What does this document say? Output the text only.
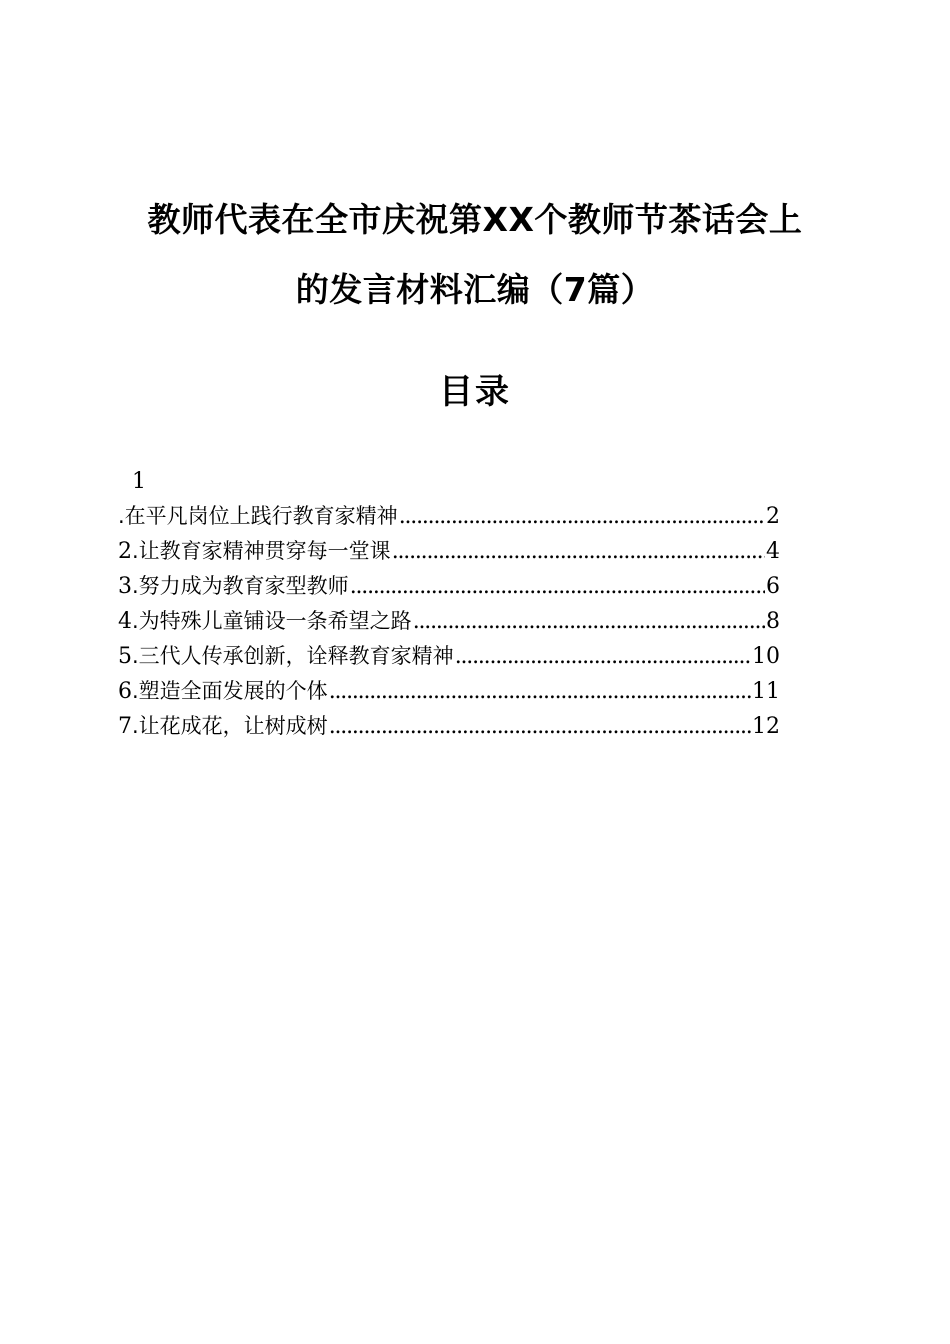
教师代表在全市庆祝第XX个教师节茶话会上
的发言材料汇编（7篇）
目录
1
.在平凡岗位上践行教育家精神 .....	2
2.让教育家精神贯穿每一堂课 .....	4
3.努力成为教育家型教师 .....	6
4.为特殊儿童铺设一条希望之路 .....	8
5.三代人传承创新，诠释教育家精神 .....	10
6.塑造全面发展的个体 .....	11
7.让花成花，让树成树 .....	12
